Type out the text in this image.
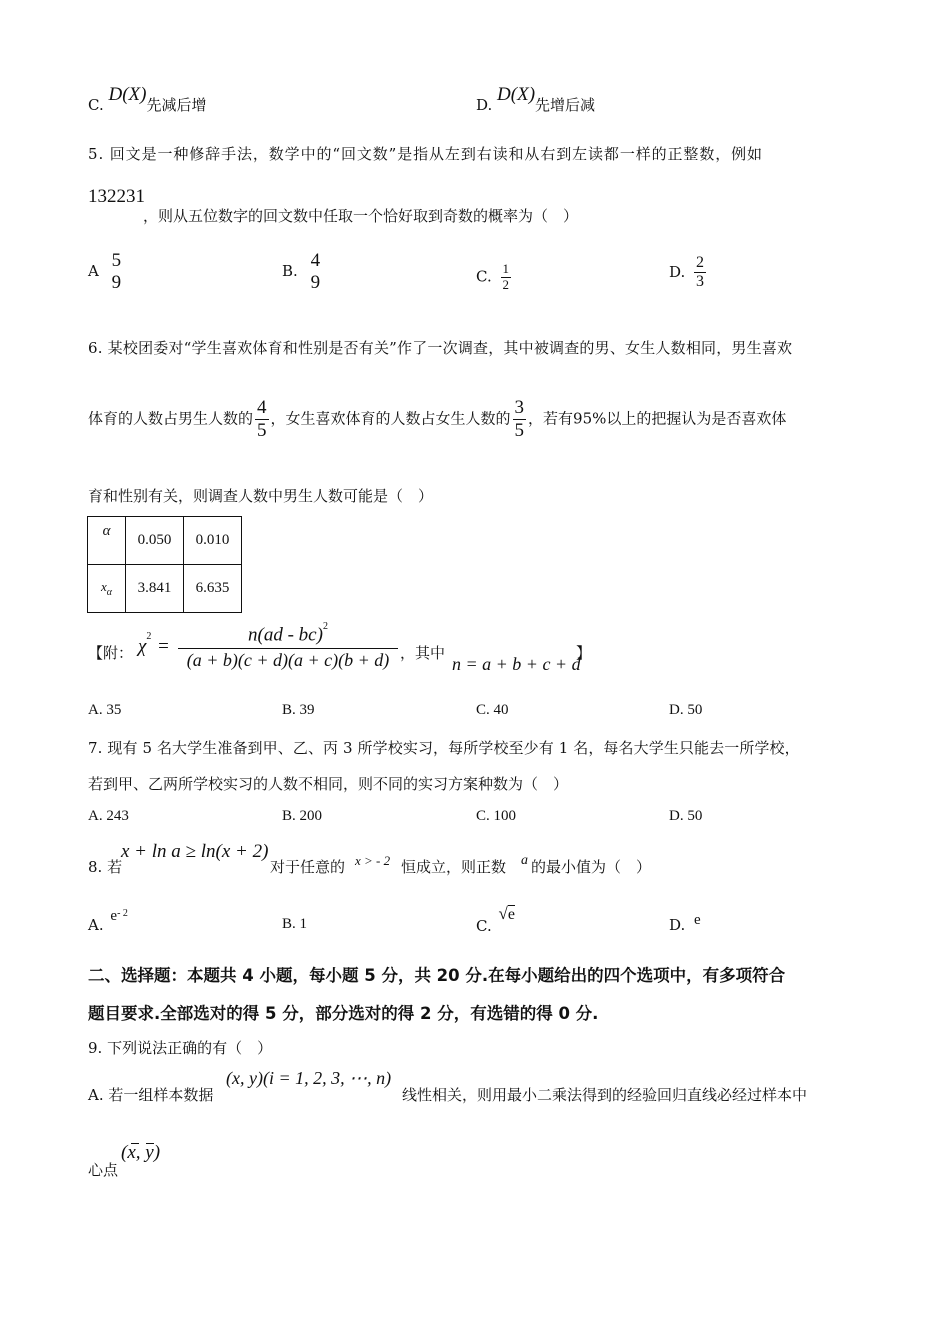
C. D(X)先减后增	D. D(X)先增后减
5. 回文是一种修辞手法，数学中的“回文数”是指从左到右读和从右到左读都一样的正整数，例如
132231
，则从五位数字的回文数中任取一个恰好取到奇数的概率为（　）
A 5
9
B. 4
9	C. $\frac{1}{2}$	D. $\frac{2}{3}$
6. 某校团委对“学生喜欢体育和性别是否有关”作了一次调查，其中被调查的男、女生人数相同，男生喜欢
体育的人数占男生人数的 $\frac{4}{5}$ ，女生喜欢体育的人数占女生人数的 $\frac{3}{5}$ ，若有95%以上的把握认为是否喜欢体
育和性别有关，则调查人数中男生人数可能是（　）
α	0.050	0.010
$x_\alpha$	3.841	6.635
【附： $\chi^2$ =
n(ad - bc)$^2$
(a + b)(c + d)(a + c)(b + d) ，其中
n = a + b + c + d
】
A. 35	B. 39	C. 40	D. 50
7. 现有 5 名大学生准备到甲、乙、丙 3 所学校实习，每所学校至少有 1 名，每名大学生只能去一所学校，
若到甲、乙两所学校实习的人数不相同，则不同的实习方案种数为（　）
A. 243	B. 200	C. 100	D. 50
8. 若
x + ln a ≥ ln(x + 2)
对于任意的 x > - 2 恒成立，则正数 a 的最小值为（　）
A. $e^{- 2}$
B. 1	C. √e
D. e
二、选择题：本题共 4 小题，每小题 5 分，共 20 分.在每小题给出的四个选项中，有多项符合
题目要求.全部选对的得 5 分，部分选对的得 2 分，有选错的得 0 分.
9. 下列说法正确的有（　）
A. 若一组样本数据
(x, y)(i = 1, 2, 3, ⋯, n)
线性相关，则用最小二乘法得到的经验回归直线必经过样本中
心点
(x, y)
